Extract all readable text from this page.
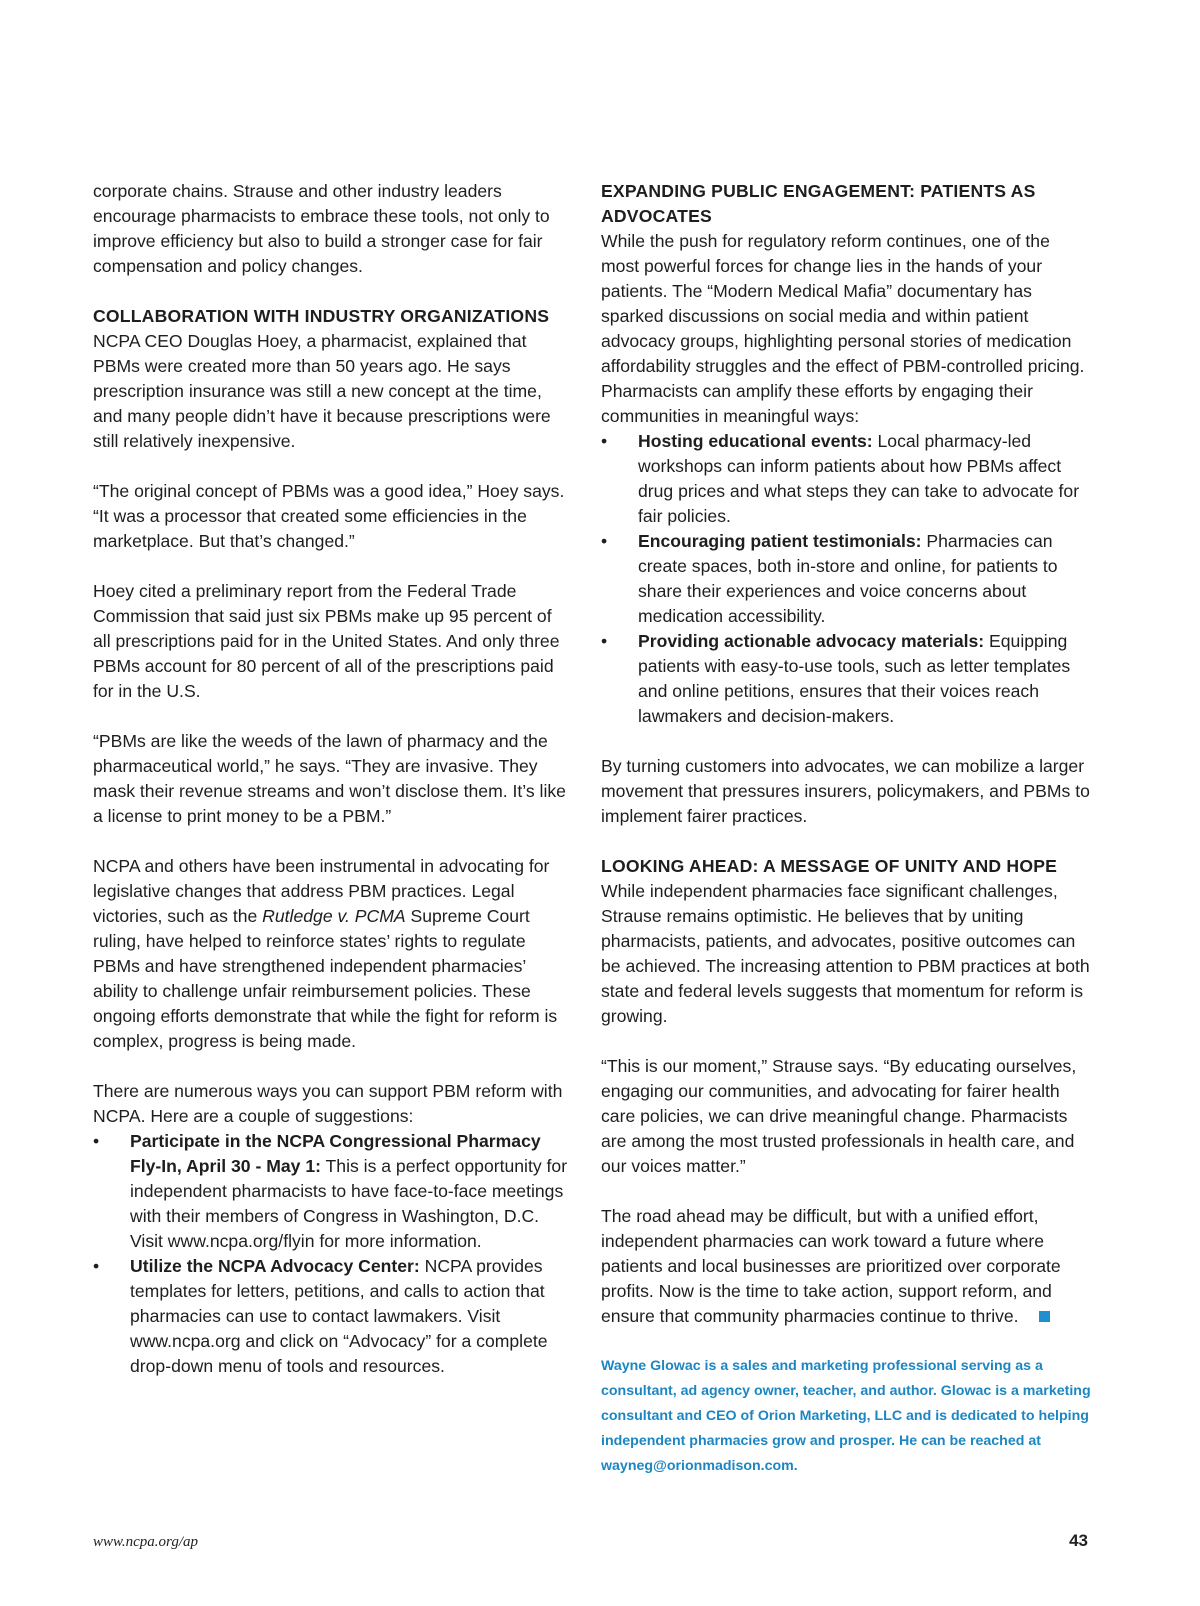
corporate chains. Strause and other industry leaders encourage pharmacists to embrace these tools, not only to improve efficiency but also to build a stronger case for fair compensation and policy changes.

COLLABORATION WITH INDUSTRY ORGANIZATIONS

NCPA CEO Douglas Hoey, a pharmacist, explained that PBMs were created more than 50 years ago. He says prescription insurance was still a new concept at the time, and many people didn’t have it because prescriptions were still relatively inexpensive.

“The original concept of PBMs was a good idea,” Hoey says. “It was a processor that created some efficiencies in the marketplace. But that’s changed.”

Hoey cited a preliminary report from the Federal Trade Commission that said just six PBMs make up 95 percent of all prescriptions paid for in the United States. And only three PBMs account for 80 percent of all of the prescriptions paid for in the U.S.

“PBMs are like the weeds of the lawn of pharmacy and the pharmaceutical world,” he says. “They are invasive. They mask their revenue streams and won’t disclose them. It’s like a license to print money to be a PBM.”

NCPA and others have been instrumental in advocating for legislative changes that address PBM practices. Legal victories, such as the Rutledge v. PCMA Supreme Court ruling, have helped to reinforce states’ rights to regulate PBMs and have strengthened independent pharmacies’ ability to challenge unfair reimbursement policies. These ongoing efforts demonstrate that while the fight for reform is complex, progress is being made.

There are numerous ways you can support PBM reform with NCPA. Here are a couple of suggestions:

• Participate in the NCPA Congressional Pharmacy Fly-In, April 30 - May 1: This is a perfect opportunity for independent pharmacists to have face-to-face meetings with their members of Congress in Washington, D.C. Visit www.ncpa.org/flyin for more information.
• Utilize the NCPA Advocacy Center: NCPA provides templates for letters, petitions, and calls to action that pharmacies can use to contact lawmakers. Visit www.ncpa.org and click on “Advocacy” for a complete drop-down menu of tools and resources.
EXPANDING PUBLIC ENGAGEMENT: PATIENTS AS ADVOCATES

While the push for regulatory reform continues, one of the most powerful forces for change lies in the hands of your patients. The “Modern Medical Mafia” documentary has sparked discussions on social media and within patient advocacy groups, highlighting personal stories of medication affordability struggles and the effect of PBM-controlled pricing. Pharmacists can amplify these efforts by engaging their communities in meaningful ways:

• Hosting educational events: Local pharmacy-led workshops can inform patients about how PBMs affect drug prices and what steps they can take to advocate for fair policies.
• Encouraging patient testimonials: Pharmacies can create spaces, both in-store and online, for patients to share their experiences and voice concerns about medication accessibility.
• Providing actionable advocacy materials: Equipping patients with easy-to-use tools, such as letter templates and online petitions, ensures that their voices reach lawmakers and decision-makers.

By turning customers into advocates, we can mobilize a larger movement that pressures insurers, policymakers, and PBMs to implement fairer practices.

LOOKING AHEAD: A MESSAGE OF UNITY AND HOPE

While independent pharmacies face significant challenges, Strause remains optimistic. He believes that by uniting pharmacists, patients, and advocates, positive outcomes can be achieved. The increasing attention to PBM practices at both state and federal levels suggests that momentum for reform is growing.

“This is our moment,” Strause says. “By educating ourselves, engaging our communities, and advocating for fairer health care policies, we can drive meaningful change. Pharmacists are among the most trusted professionals in health care, and our voices matter.”

The road ahead may be difficult, but with a unified effort, independent pharmacies can work toward a future where patients and local businesses are prioritized over corporate profits. Now is the time to take action, support reform, and ensure that community pharmacies continue to thrive.

Wayne Glowac is a sales and marketing professional serving as a consultant, ad agency owner, teacher, and author. Glowac is a marketing consultant and CEO of Orion Marketing, LLC and is dedicated to helping independent pharmacies grow and prosper. He can be reached at wayneg@orionmadison.com.
www.ncpa.org/ap	43
